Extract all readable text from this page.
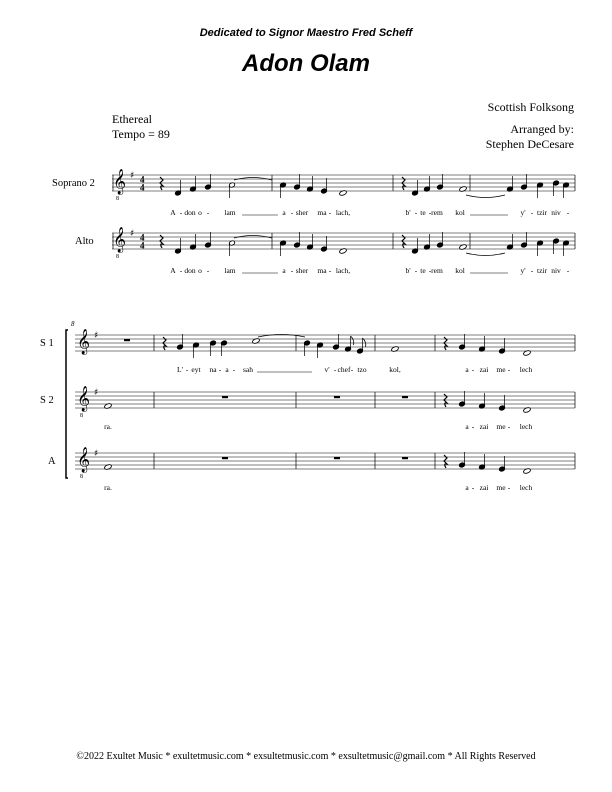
Dedicated to Signor Maestro Fred Scheff
Adon Olam
Ethereal
Tempo = 89
Scottish Folksong
Arranged by:
Stephen DeCesare
Soprano 2 𝄞
8
♯ 4
4
A - don o - lam	a - sher ma - lach,	b' - te - rem kol	y' - tzir niv -
Alto 𝄞
8
♯ 4
4
A - don o - lam	a - sher ma - lach,	b' - te - rem kol	y' - tzir niv -
8
S 1 𝄞 ♯
S 2 𝄞
8
♯
A 𝄞
8
♯
L' - eyt na - a - sah	v' - chef - tzo	kol,	a - zai me - lech
ra.	a - zai me - lech
ra.	a - zai me - lech
©2022 Exultet Music * exultetmusic.com * exsultetmusic.com * exsultetmusic@gmail.com * All Rights Reserved
